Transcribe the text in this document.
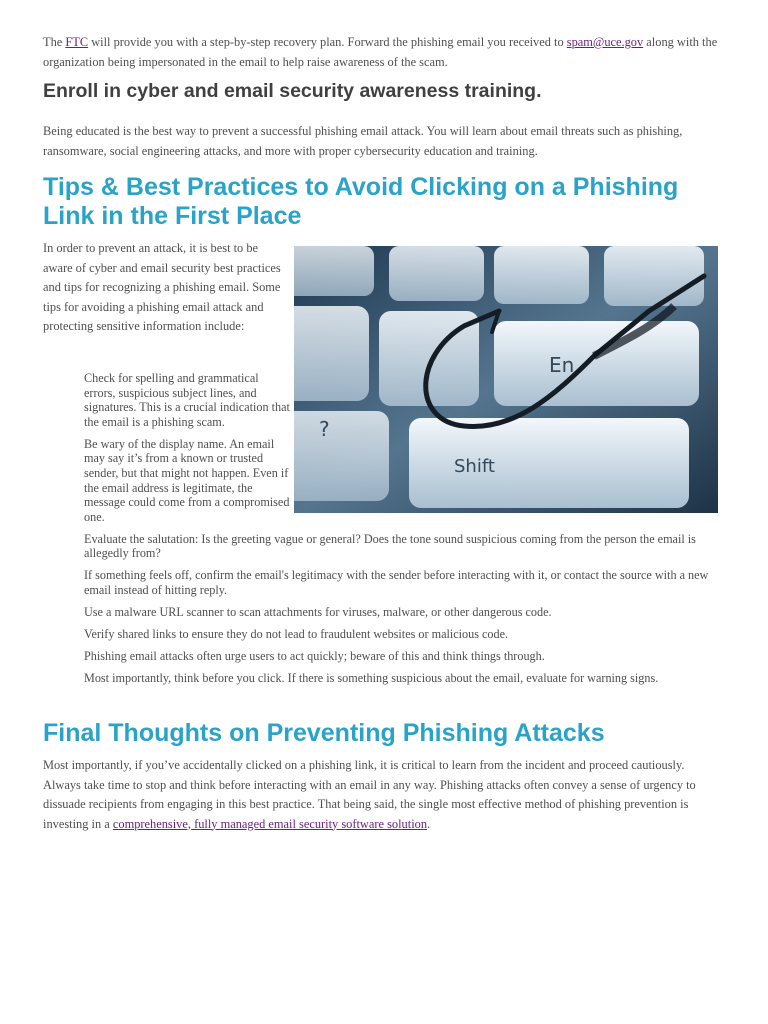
The FTC will provide you with a step-by-step recovery plan. Forward the phishing email you received to spam@uce.gov along with the organization being impersonated in the email to help raise awareness of the scam.

Enroll in cyber and email security awareness training.

Being educated is the best way to prevent a successful phishing email attack. You will learn about email threats such as phishing, ransomware, social engineering attacks, and more with proper cybersecurity education and training.

Tips & Best Practices to Avoid Clicking on a Phishing Link in the First Place

In order to prevent an attack, it is best to be aware of cyber and email security best practices and tips for recognizing a phishing email. Some tips for avoiding a phishing email attack and protecting sensitive information include:

En
Shift
?
Check for spelling and grammatical errors, suspicious subject lines, and signatures. This is a crucial indication that the email is a phishing scam.
Be wary of the display name. An email may say it’s from a known or trusted sender, but that might not happen. Even if the email address is legitimate, the message could come from a compromised one.
Evaluate the salutation: Is the greeting vague or general? Does the tone sound suspicious coming from the person the email is allegedly from?
If something feels off, confirm the email's legitimacy with the sender before interacting with it, or contact the source with a new email instead of hitting reply.
Use a malware URL scanner to scan attachments for viruses, malware, or other dangerous code.
Verify shared links to ensure they do not lead to fraudulent websites or malicious code.
Phishing email attacks often urge users to act quickly; beware of this and think things through.
Most importantly, think before you click. If there is something suspicious about the email, evaluate for warning signs.
Final Thoughts on Preventing Phishing Attacks

Most importantly, if you’ve accidentally clicked on a phishing link, it is critical to learn from the incident and proceed cautiously. Always take time to stop and think before interacting with an email in any way. Phishing attacks often convey a sense of urgency to dissuade recipients from engaging in this best practice. That being said, the single most effective method of phishing prevention is investing in a comprehensive, fully managed email security software solution.
